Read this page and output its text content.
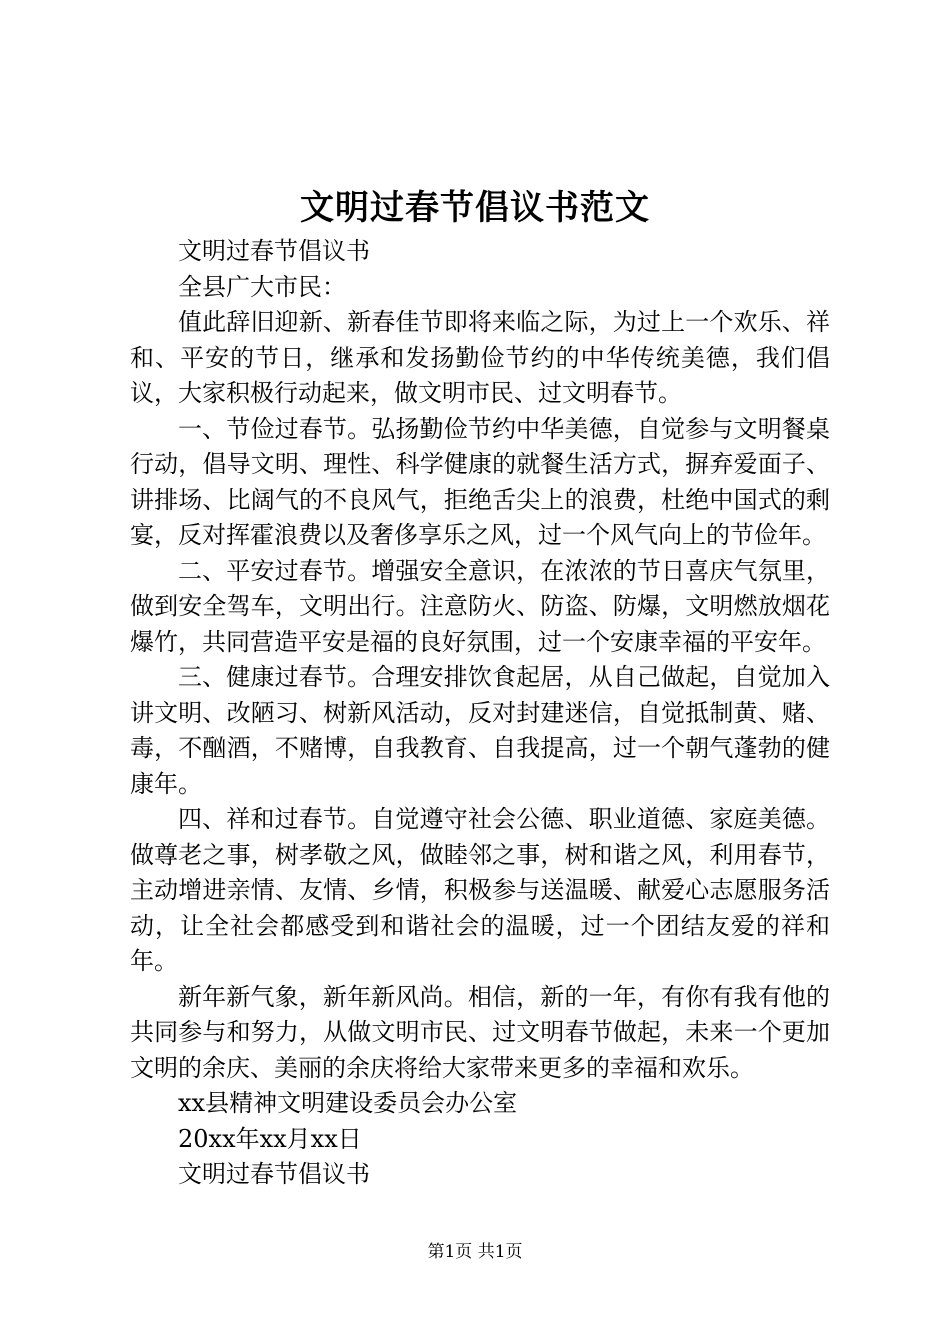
文明过春节倡议书范文

文明过春节倡议书

全县广大市民：

值此辞旧迎新、新春佳节即将来临之际，为过上一个欢乐、祥和、平安的节日，继承和发扬勤俭节约的中华传统美德，我们倡议，大家积极行动起来，做文明市民、过文明春节。

一、节俭过春节。弘扬勤俭节约中华美德，自觉参与文明餐桌行动，倡导文明、理性、科学健康的就餐生活方式，摒弃爱面子、讲排场、比阔气的不良风气，拒绝舌尖上的浪费，杜绝中国式的剩宴，反对挥霍浪费以及奢侈享乐之风，过一个风气向上的节俭年。

二、平安过春节。增强安全意识，在浓浓的节日喜庆气氛里，做到安全驾车，文明出行。注意防火、防盗、防爆，文明燃放烟花爆竹，共同营造平安是福的良好氛围，过一个安康幸福的平安年。

三、健康过春节。合理安排饮食起居，从自己做起，自觉加入讲文明、改陋习、树新风活动，反对封建迷信，自觉抵制黄、赌、毒，不酗酒，不赌博，自我教育、自我提高，过一个朝气蓬勃的健康年。

四、祥和过春节。自觉遵守社会公德、职业道德、家庭美德。做尊老之事，树孝敬之风，做睦邻之事，树和谐之风，利用春节，主动增进亲情、友情、乡情，积极参与送温暖、献爱心志愿服务活动，让全社会都感受到和谐社会的温暖，过一个团结友爱的祥和年。

新年新气象，新年新风尚。相信，新的一年，有你有我有他的共同参与和努力，从做文明市民、过文明春节做起，未来一个更加文明的余庆、美丽的余庆将给大家带来更多的幸福和欢乐。

xx县精神文明建设委员会办公室

20xx年xx月xx日

文明过春节倡议书

第1页 共1页
